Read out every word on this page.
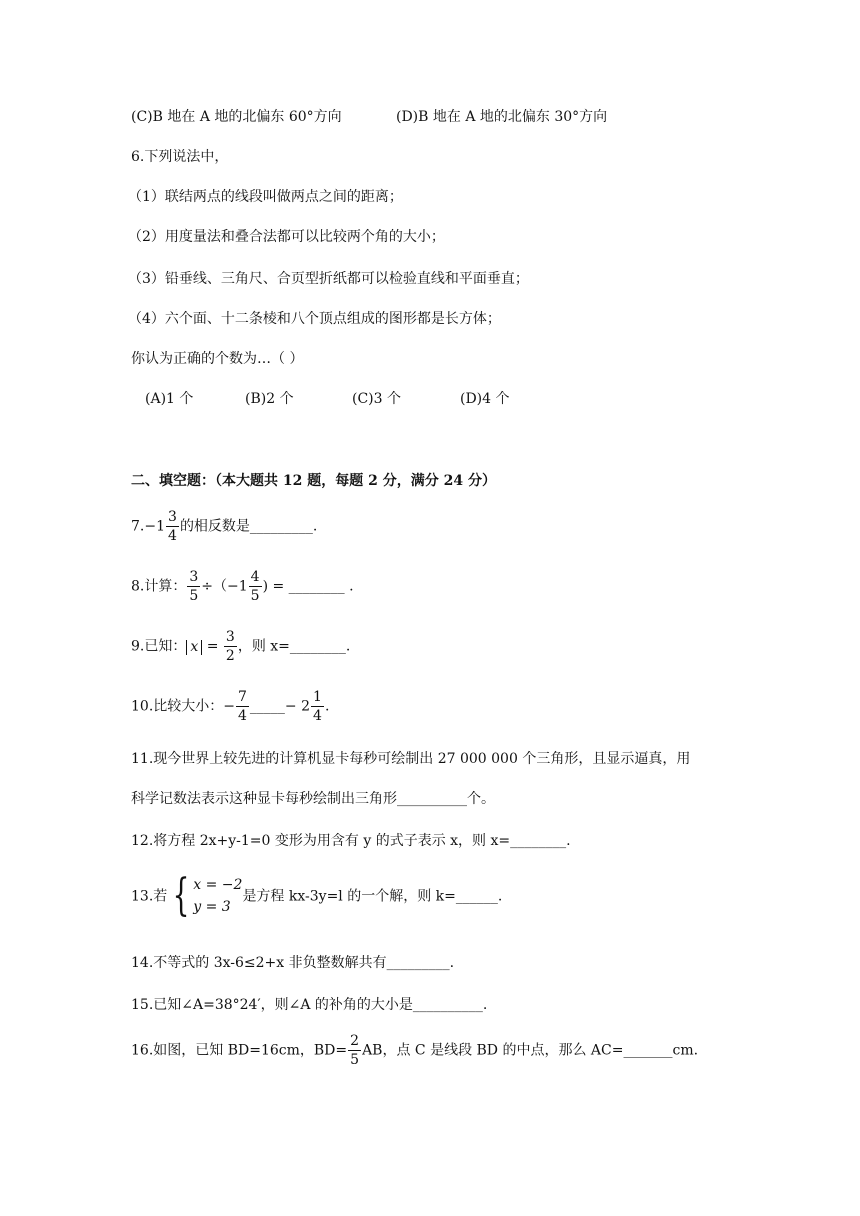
(C)B 地在 A 地的北偏东 60°方向	(D)B 地在 A 地的北偏东 30°方向
6.下列说法中，
（1）联结两点的线段叫做两点之间的距离；
（2）用度量法和叠合法都可以比较两个角的大小；
（3）铅垂线、三角尺、合页型折纸都可以检验直线和平面垂直；
（4）六个面、十二条棱和八个顶点组成的图形都是长方体；
你认为正确的个数为…（ ）
(A)1 个	(B)2 个	(C)3 个	(D)4 个
二、填空题：（本大题共 12 题，每题 2 分，满分 24 分）
$7.-1 \frac{3}{4}$ 的相反数是_________.
8.计算： $\frac{3}{5} \div(-1 \frac{4}{5}$ ) = ________ .
9.已知： $x = \frac{3}{2}$ ，则 x=________.
10.比较大小：− $\frac{7}{4}$ _____− $2 \frac{1}{4}$ .
11.现今世界上较先进的计算机显卡每秒可绘制出 27 000 000 个三角形，且显示逼真，用
科学记数法表示这种显卡每秒绘制出三角形__________个。
12.将方程 2x+y-1=0 变形为用含有 y 的式子表示 x，则 x=________.
13.若 { x = −2
y = 3
是方程 kx-3y=l 的一个解，则 k=______.
14.不等式的 3x-6≤2+x 非负整数解共有_________.
15.已知∠A=38°24′，则∠A 的补角的大小是__________.
16.如图，已知 BD=16cm，$BD= \frac{2}{5}$ AB，点 C 是线段 BD 的中点，那么 AC=_______cm.
